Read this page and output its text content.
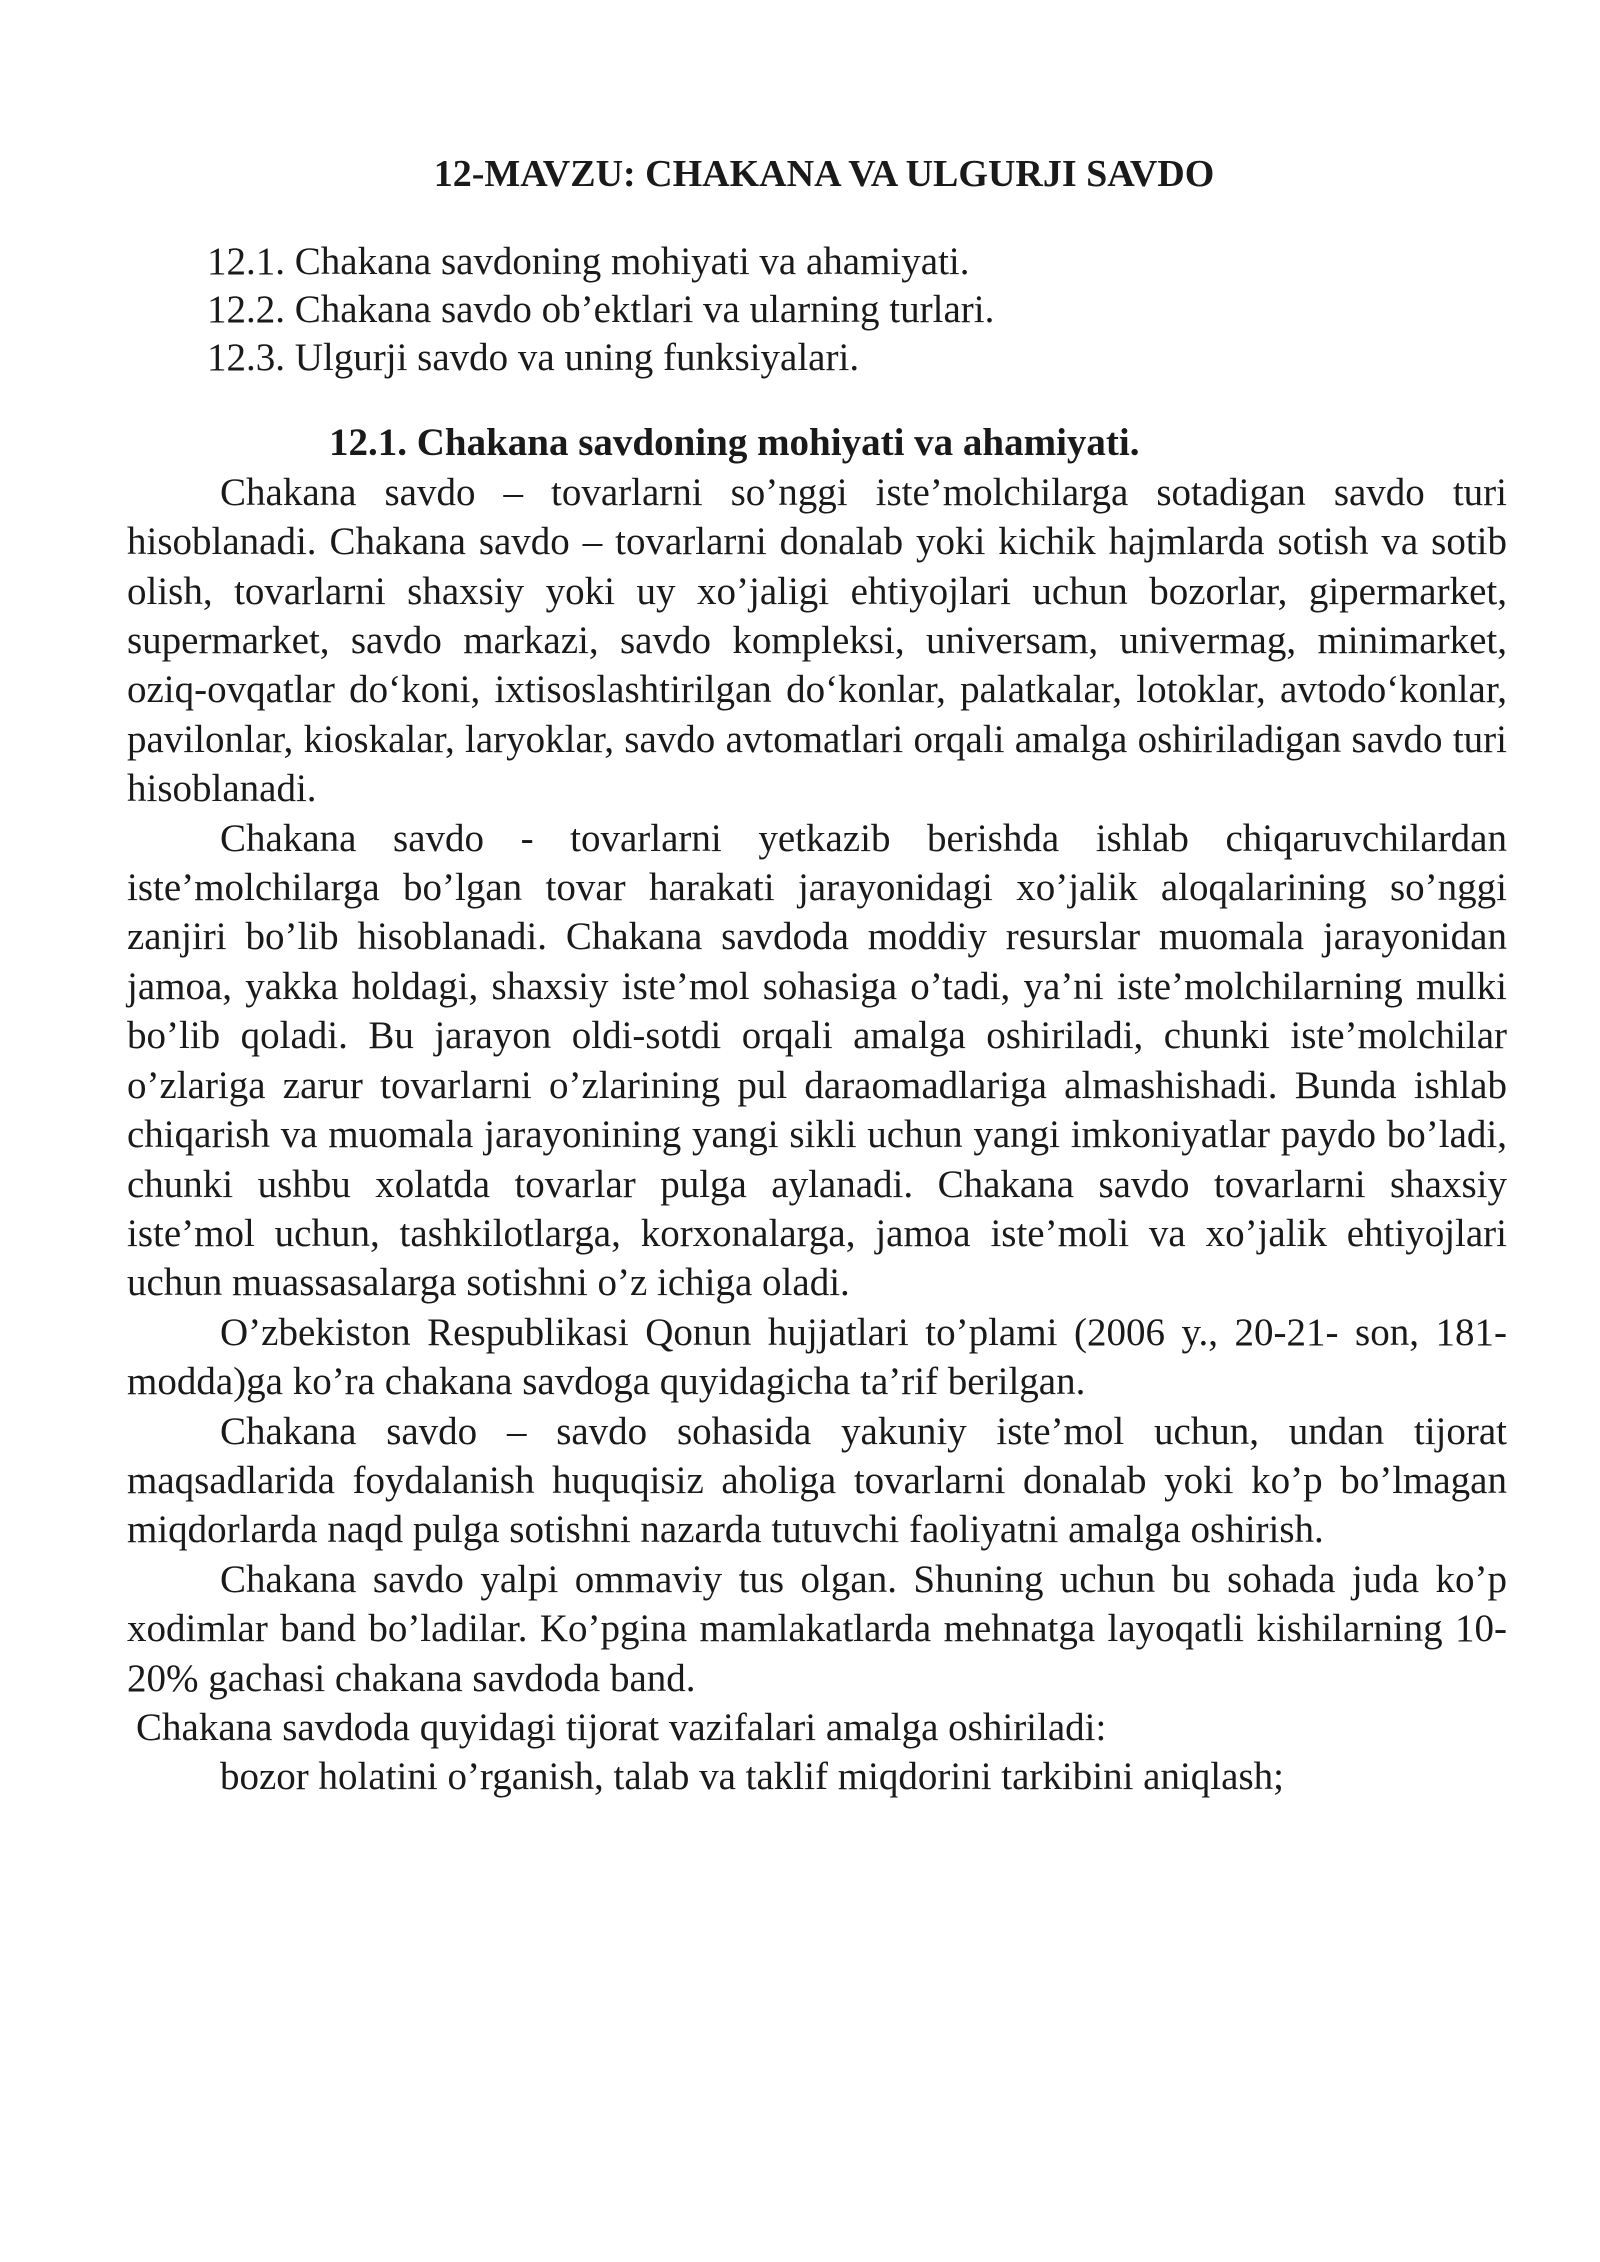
12-MAVZU: CHAKANA VA ULGURJI SAVDO
12.1. Chakana savdoning mohiyati va ahamiyati.
12.2. Chakana savdo ob’ektlari va ularning turlari.
12.3. Ulgurji savdo va uning funksiyalari.
12.1. Chakana savdoning mohiyati va ahamiyati.

Chakana savdo – tovarlarni so’nggi iste’molchilarga sotadigan savdo turi hisoblanadi. Chakana savdo – tovarlarni donalab yoki kichik hajmlarda sotish va sotib olish, tovarlarni shaxsiy yoki uy xo’jaligi ehtiyojlari uchun bozorlar, gipermarket, supermarket, savdo markazi, savdo kompleksi, universam, univermag, minimarket, oziq-ovqatlar do‘koni, ixtisoslashtirilgan do‘konlar, palatkalar, lotoklar, avtodo‘konlar, pavilonlar, kioskalar, laryoklar, savdo avtomatlari orqali amalga oshiriladigan savdo turi hisoblanadi.

Chakana savdo - tovarlarni yetkazib berishda ishlab chiqaruvchilardan iste’molchilarga bo’lgan tovar harakati jarayonidagi xo’jalik aloqalarining so’nggi zanjiri bo’lib hisoblanadi. Chakana savdoda moddiy resurslar muomala jarayonidan jamoa, yakka holdagi, shaxsiy iste’mol sohasiga o’tadi, ya’ni iste’molchilarning mulki bo’lib qoladi. Bu jarayon oldi-sotdi orqali amalga oshiriladi, chunki iste’molchilar o’zlariga zarur tovarlarni o’zlarining pul daraomadlariga almashishadi. Bunda ishlab chiqarish va muomala jarayonining yangi sikli uchun yangi imkoniyatlar paydo bo’ladi, chunki ushbu xolatda tovarlar pulga aylanadi. Chakana savdo tovarlarni shaxsiy iste’mol uchun, tashkilotlarga, korxonalarga, jamoa iste’moli va xo’jalik ehtiyojlari uchun muassasalarga sotishni o’z ichiga oladi.

O’zbekiston Respublikasi Qonun hujjatlari to’plami (2006 y., 20-21- son, 181-modda)ga ko’ra chakana savdoga quyidagicha ta’rif berilgan.

Chakana savdo – savdo sohasida yakuniy iste’mol uchun, undan tijorat maqsadlarida foydalanish huquqisiz aholiga tovarlarni donalab yoki ko’p bo’lmagan miqdorlarda naqd pulga sotishni nazarda tutuvchi faoliyatni amalga oshirish.

Chakana savdo yalpi ommaviy tus olgan. Shuning uchun bu sohada juda ko’p xodimlar band bo’ladilar. Ko’pgina mamlakatlarda mehnatga layoqatli kishilarning 10-20% gachasi chakana savdoda band.

Chakana savdoda quyidagi tijorat vazifalari amalga oshiriladi:

bozor holatini o’rganish, talab va taklif miqdorini tarkibini aniqlash;
